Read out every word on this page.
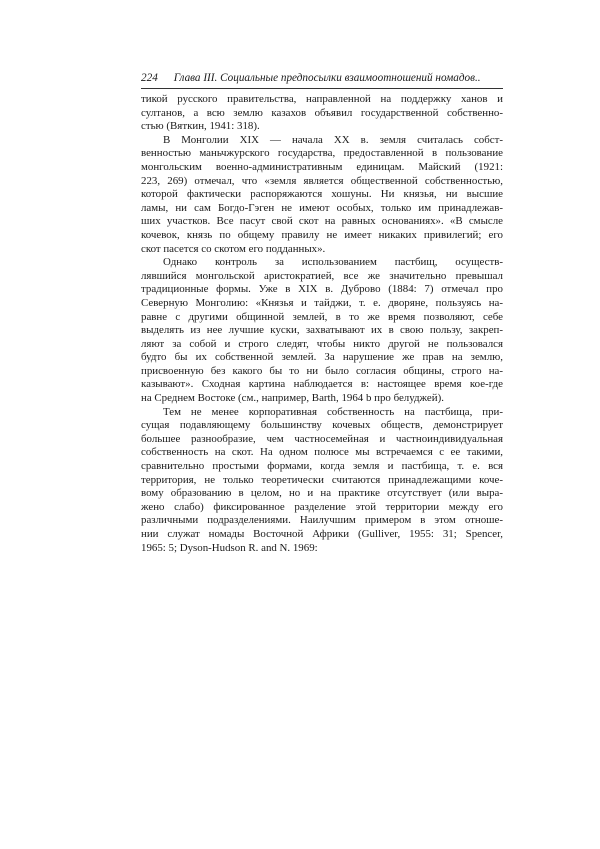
224 Глава III. Социальные предпосылки взаимоотношений номадов..
тикой русского правительства, направленной на поддержку ханов и
султанов, а всю землю казахов объявил государственной собственно-
стью (Вяткин, 1941: 318).
В Монголии XIX — начала XX в. земля считалась собст-
венностью маньчжурского государства, предоставленной в пользование
монгольским военно-административным единицам. Майский (1921:
223, 269) отмечал, что «земля является общественной собственностью,
которой фактически распоряжаются хошуны. Ни князья, ни высшие
ламы, ни сам Богдо-Гэген не имеют особых, только им принадлежав-
ших участков. Все пасут свой скот на равных основаниях». «В смысле
кочевок, князь по общему правилу не имеет никаких привилегий; его
скот пасется со скотом его подданных».
Однако контроль за использованием пастбищ, осуществ-
лявшийся монгольской аристократией, все же значительно превышал
традиционные формы. Уже в XIX в. Дуброво (1884: 7) отмечал про
Северную Монголию: «Князья и тайджи, т. е. дворяне, пользуясь на-
равне с другими общинной землей, в то же время позволяют, себе
выделять из нее лучшие куски, захватывают их в свою пользу, закреп-
ляют за собой и строго следят, чтобы никто другой не пользовался
будто бы их собственной землей. За нарушение же прав на землю,
присвоенную без какого бы то ни было согласия общины, строго на-
казывают». Сходная картина наблюдается в: настоящее время кое-где
на Среднем Востоке (см., например, Barth, 1964 b про белуджей).
Тем не менее корпоративная собственность на пастбища, при-
сущая подавляющему большинству кочевых обществ, демонстрирует
большее разнообразие, чем частносемейная и частноиндивидуальная
собственность на скот. На одном полюсе мы встречаемся с ее такими,
сравнительно простыми формами, когда земля и пастбища, т. е. вся
территория, не только теоретически считаются принадлежащими коче-
вому образованию в целом, но и на практике отсутствует (или выра-
жено слабо) фиксированное разделение этой территории между его
различными подразделениями. Наилучшим примером в этом отноше-
нии служат номады Восточной Африки (Gulliver, 1955: 31; Spencer,
1965: 5; Dyson-Hudson R. and N. 1969:
